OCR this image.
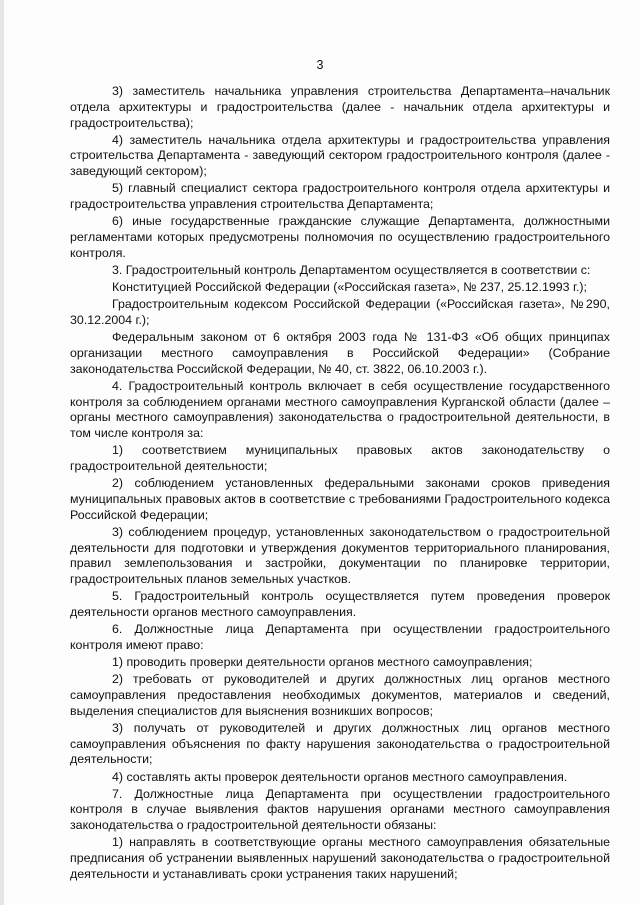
3

3) заместитель начальника управления строительства Департамента–начальник отдела архитектуры и градостроительства (далее - начальник отдела архитектуры и градостроительства);

4) заместитель начальника отдела архитектуры и градостроительства управления строительства Департамента - заведующий сектором градостроительного контроля (далее - заведующий сектором);

5) главный специалист сектора градостроительного контроля отдела архитектуры и градостроительства управления строительства Департамента;

6) иные государственные гражданские служащие Департамента, должностными регламентами которых предусмотрены полномочия по осуществлению градостроительного контроля.

3. Градостроительный контроль Департаментом осуществляется в соответствии с:

Конституцией Российской Федерации («Российская газета», № 237, 25.12.1993 г.);

Градостроительным кодексом Российской Федерации («Российская газета», №290, 30.12.2004 г.);

Федеральным законом от 6 октября 2003 года № 131-ФЗ «Об общих принципах организации местного самоуправления в Российской Федерации» (Собрание законодательства Российской Федерации, № 40, ст. 3822, 06.10.2003 г.).

4. Градостроительный контроль включает в себя осуществление государственного контроля за соблюдением органами местного самоуправления Курганской области (далее – органы местного самоуправления) законодательства о градостроительной деятельности, в том числе контроля за:

1) соответствием муниципальных правовых актов законодательству о градостроительной деятельности;

2) соблюдением установленных федеральными законами сроков приведения муниципальных правовых актов в соответствие с требованиями Градостроительного кодекса Российской Федерации;

3) соблюдением процедур, установленных законодательством о градостроительной деятельности для подготовки и утверждения документов территориального планирования, правил землепользования и застройки, документации по планировке территории, градостроительных планов земельных участков.

5. Градостроительный контроль осуществляется путем проведения проверок деятельности органов местного самоуправления.

6. Должностные лица Департамента при осуществлении градостроительного контроля имеют право:

1) проводить проверки деятельности органов местного самоуправления;

2) требовать от руководителей и других должностных лиц органов местного самоуправления предоставления необходимых документов, материалов и сведений, выделения специалистов для выяснения возникших вопросов;

3) получать от руководителей и других должностных лиц органов местного самоуправления объяснения по факту нарушения законодательства о градостроительной деятельности;

4) составлять акты проверок деятельности органов местного самоуправления.

7. Должностные лица Департамента при осуществлении градостроительного контроля в случае выявления фактов нарушения органами местного самоуправления законодательства о градостроительной деятельности обязаны:

1) направлять в соответствующие органы местного самоуправления обязательные предписания об устранении выявленных нарушений законодательства о градостроительной деятельности и устанавливать сроки устранения таких нарушений;
